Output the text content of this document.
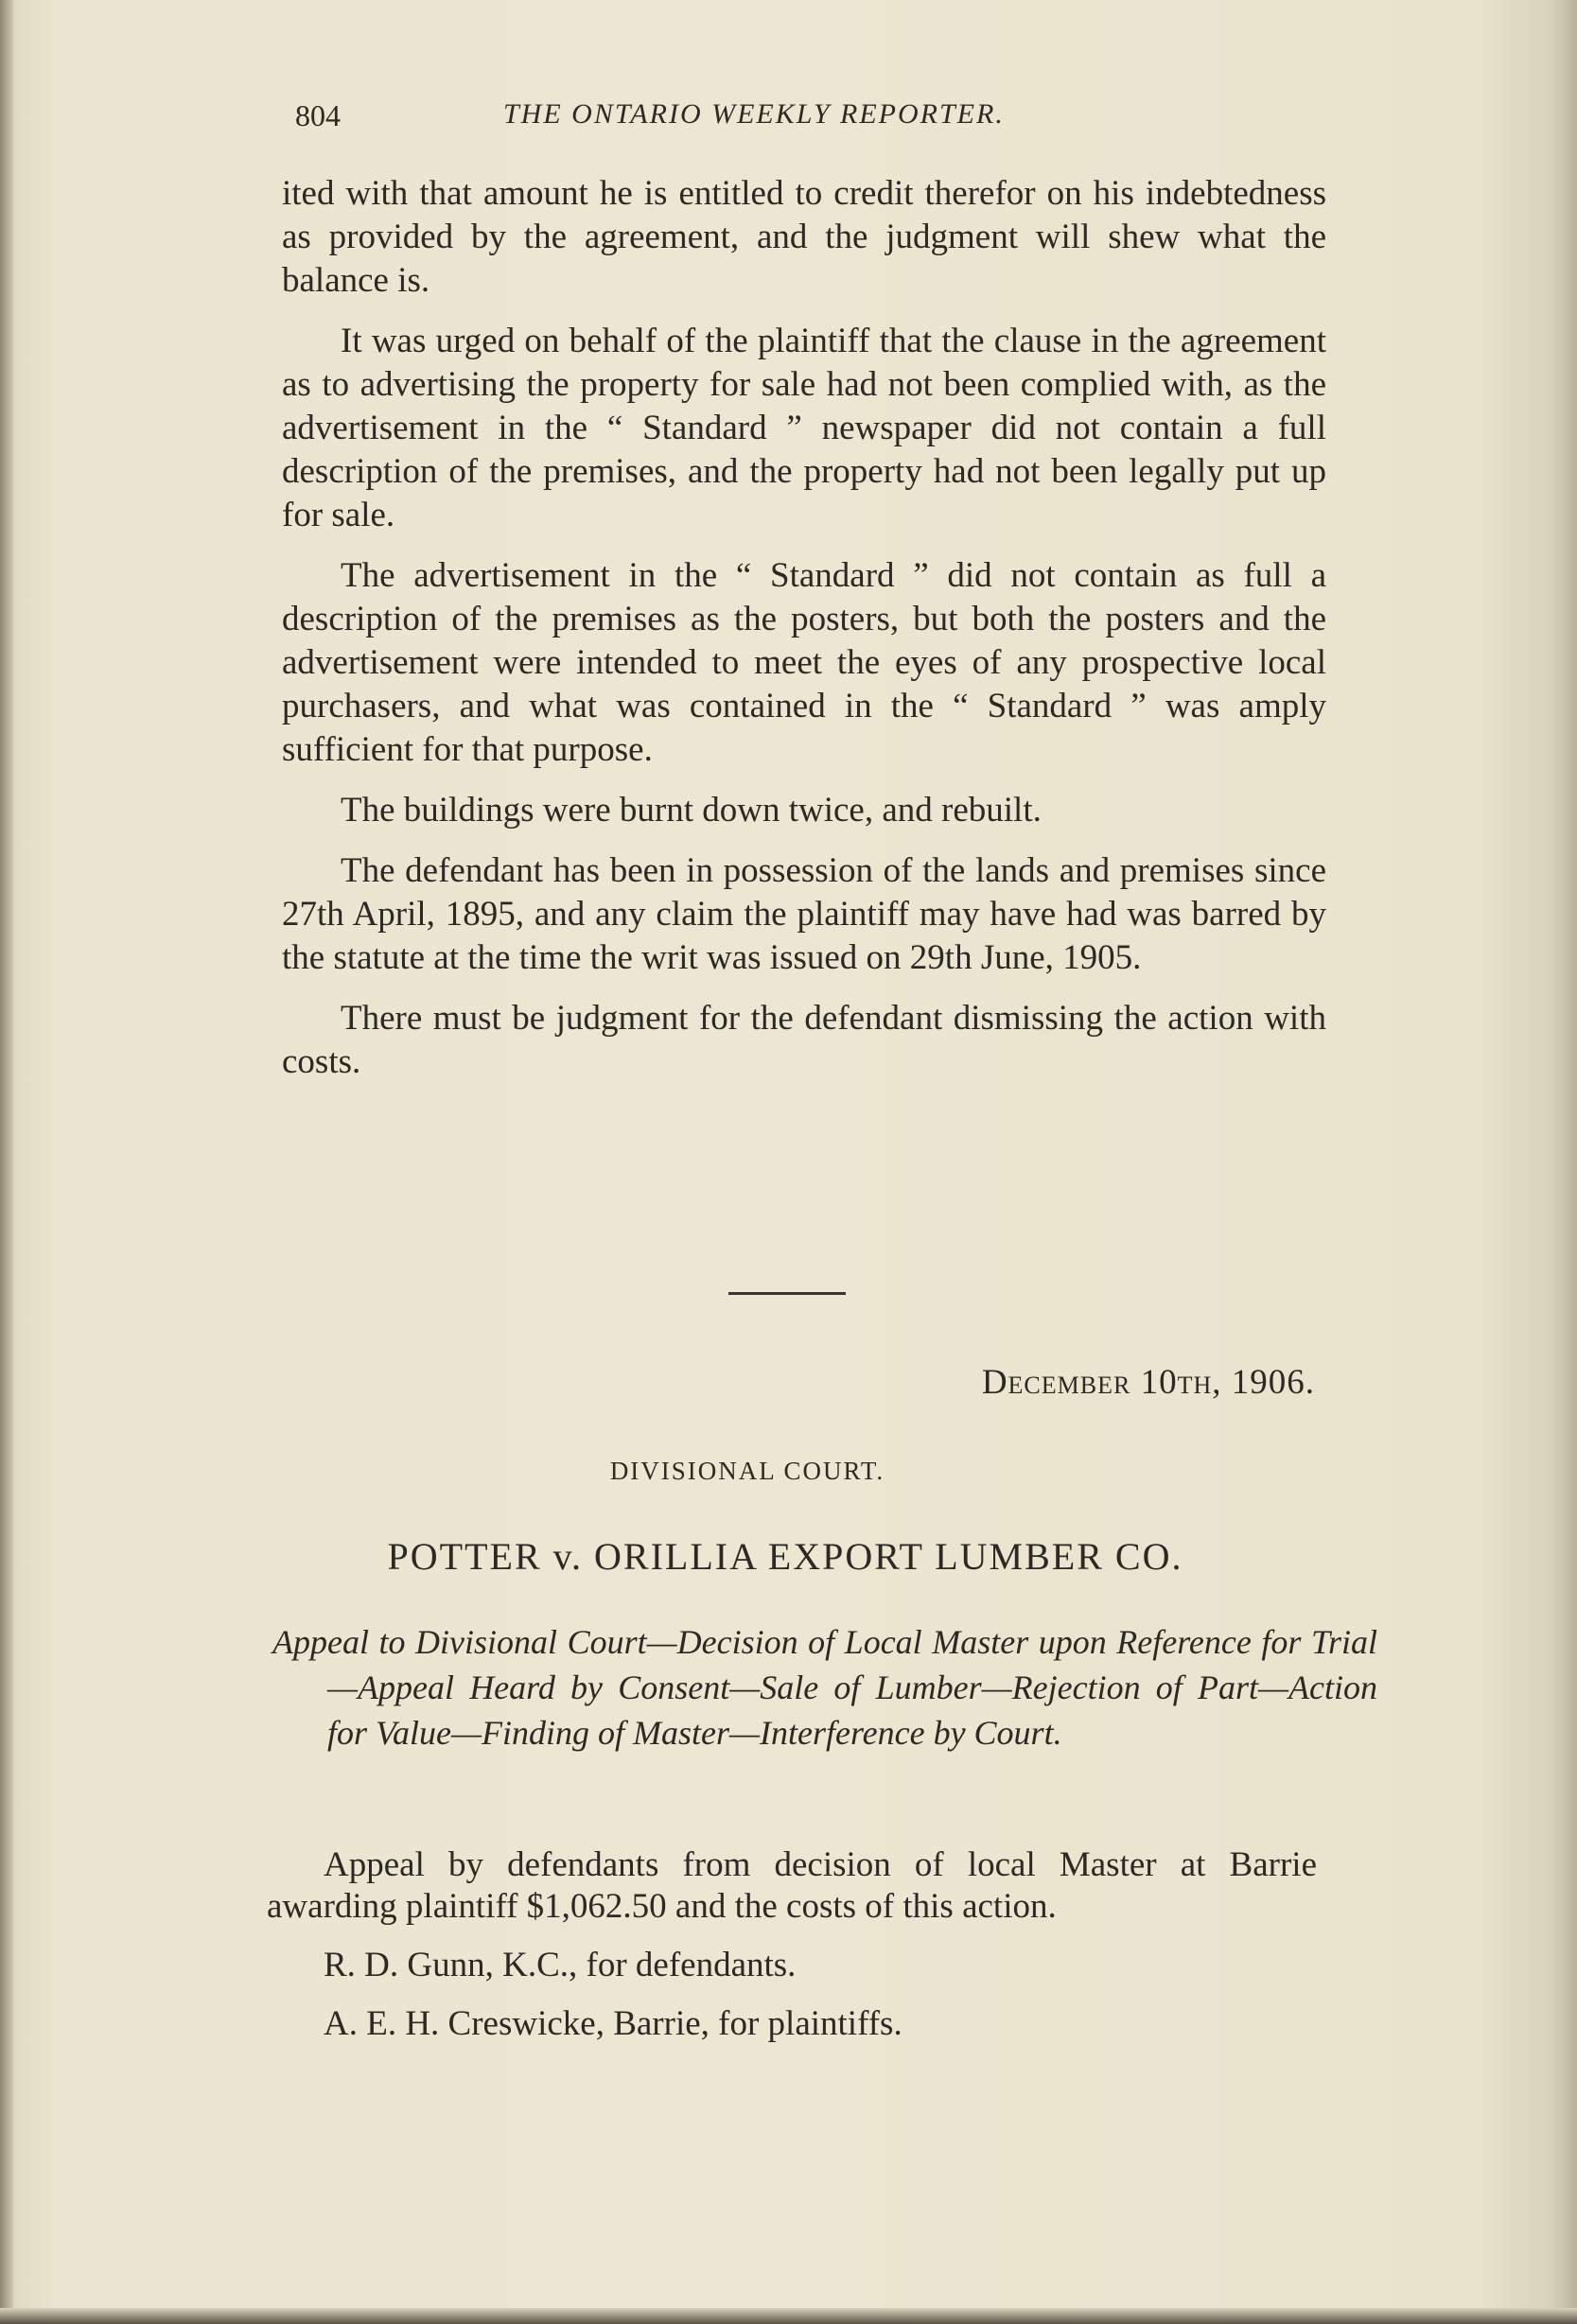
804	THE ONTARIO WEEKLY REPORTER.

ited with that amount he is entitled to credit therefor on his indebtedness as provided by the agreement, and the judgment will shew what the balance is.

It was urged on behalf of the plaintiff that the clause in the agreement as to advertising the property for sale had not been complied with, as the advertisement in the “ Standard ” newspaper did not contain a full description of the premises, and the property had not been legally put up for sale.

The advertisement in the “ Standard ” did not contain as full a description of the premises as the posters, but both the posters and the advertisement were intended to meet the eyes of any prospective local purchasers, and what was contained in the “ Standard ” was amply sufficient for that purpose.

The buildings were burnt down twice, and rebuilt.

The defendant has been in possession of the lands and premises since 27th April, 1895, and any claim the plaintiff may have had was barred by the statute at the time the writ was issued on 29th June, 1905.

There must be judgment for the defendant dismissing the action with costs.

December 10th, 1906.
DIVISIONAL COURT.
POTTER v. ORILLIA EXPORT LUMBER CO.
Appeal to Divisional Court—Decision of Local Master upon Reference for Trial—Appeal Heard by Consent—Sale of Lumber—Rejection of Part—Action for Value—Finding of Master—Interference by Court.

Appeal by defendants from decision of local Master at Barrie awarding plaintiff $1,062.50 and the costs of this action.

R. D. Gunn, K.C., for defendants.

A. E. H. Creswicke, Barrie, for plaintiffs.
